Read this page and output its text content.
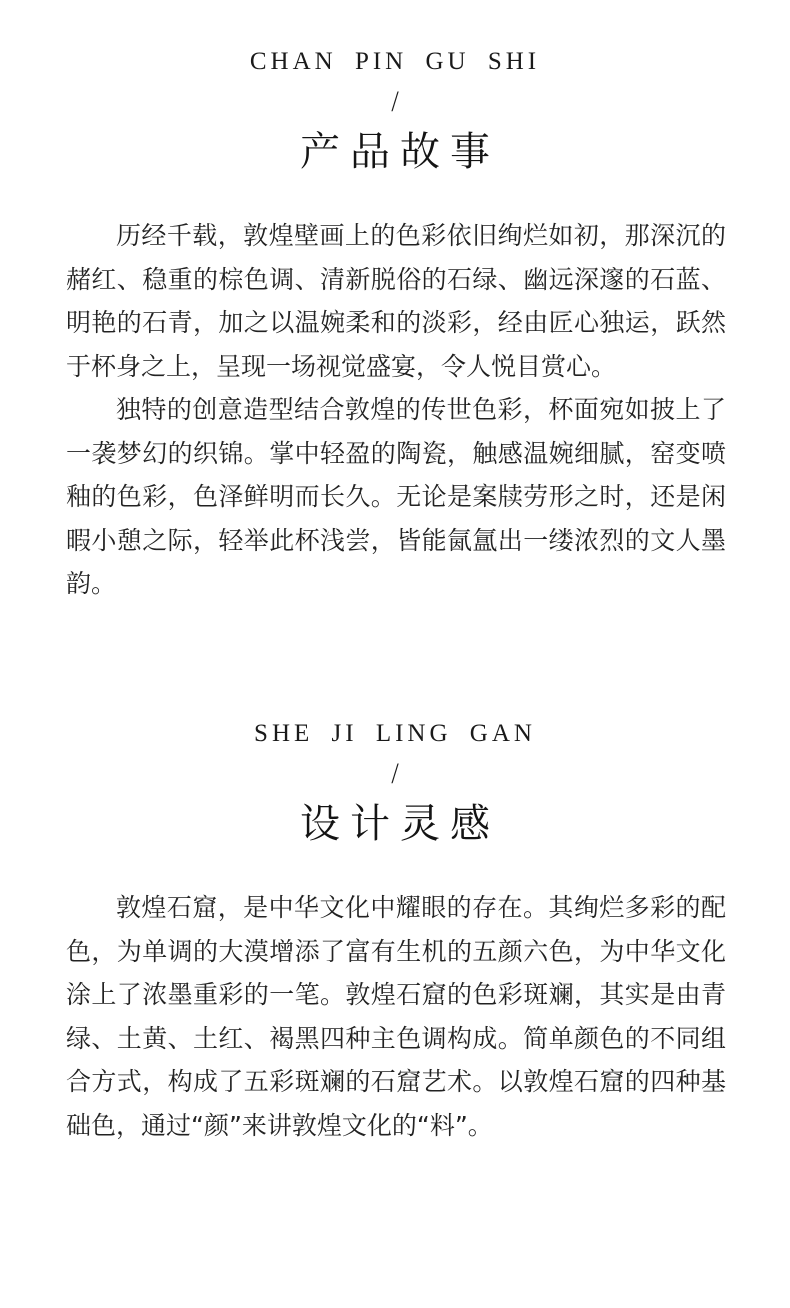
CHAN PIN GU SHI
/
产品故事

历经千载，敦煌壁画上的色彩依旧绚烂如初，那深沉的赭红、稳重的棕色调、清新脱俗的石绿、幽远深邃的石蓝、明艳的石青，加之以温婉柔和的淡彩，经由匠心独运，跃然于杯身之上，呈现一场视觉盛宴，令人悦目赏心。

独特的创意造型结合敦煌的传世色彩，杯面宛如披上了一袭梦幻的织锦。掌中轻盈的陶瓷，触感温婉细腻，窑变喷釉的色彩，色泽鲜明而长久。无论是案牍劳形之时，还是闲暇小憩之际，轻举此杯浅尝，皆能氤氲出一缕浓烈的文人墨韵。

SHE JI LING GAN
/
设计灵感

敦煌石窟，是中华文化中耀眼的存在。其绚烂多彩的配色，为单调的大漠增添了富有生机的五颜六色，为中华文化涂上了浓墨重彩的一笔。敦煌石窟的色彩斑斓，其实是由青绿、土黄、土红、褐黑四种主色调构成。简单颜色的不同组合方式，构成了五彩斑斓的石窟艺术。以敦煌石窟的四种基础色，通过“颜”来讲敦煌文化的“料”。
